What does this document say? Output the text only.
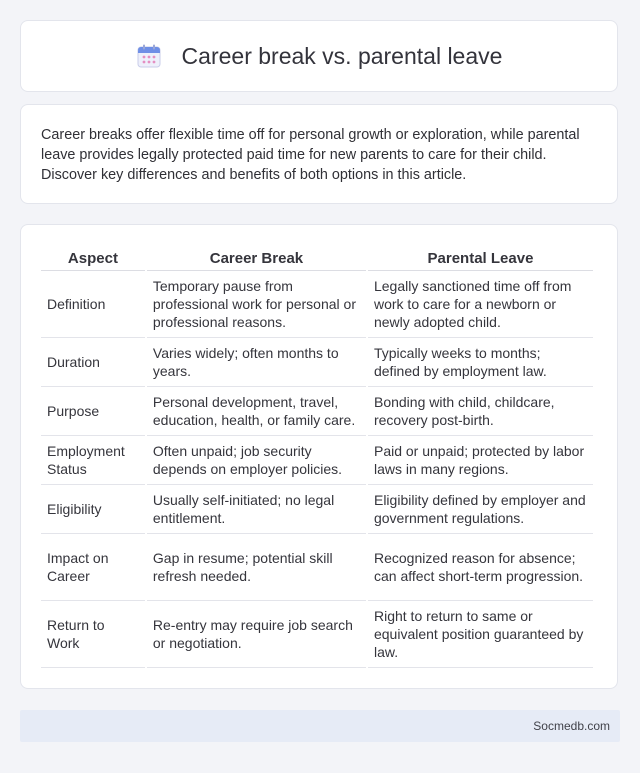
Career break vs. parental leave

Career breaks offer flexible time off for personal growth or exploration, while parental leave provides legally protected paid time for new parents to care for their child. Discover key differences and benefits of both options in this article.

Aspect	Career Break	Parental Leave
Definition	Temporary pause from professional work for personal or professional reasons.	Legally sanctioned time off from work to care for a newborn or newly adopted child.
Duration	Varies widely; often months to years.	Typically weeks to months; defined by employment law.
Purpose	Personal development, travel, education, health, or family care.	Bonding with child, childcare, recovery post-birth.
Employment Status	Often unpaid; job security depends on employer policies.	Paid or unpaid; protected by labor laws in many regions.
Eligibility	Usually self-initiated; no legal entitlement.	Eligibility defined by employer and government regulations.
Impact on Career	Gap in resume; potential skill refresh needed.	Recognized reason for absence; can affect short-term progression.
Return to Work	Re-entry may require job search or negotiation.	Right to return to same or equivalent position guaranteed by law.
Socmedb.com
